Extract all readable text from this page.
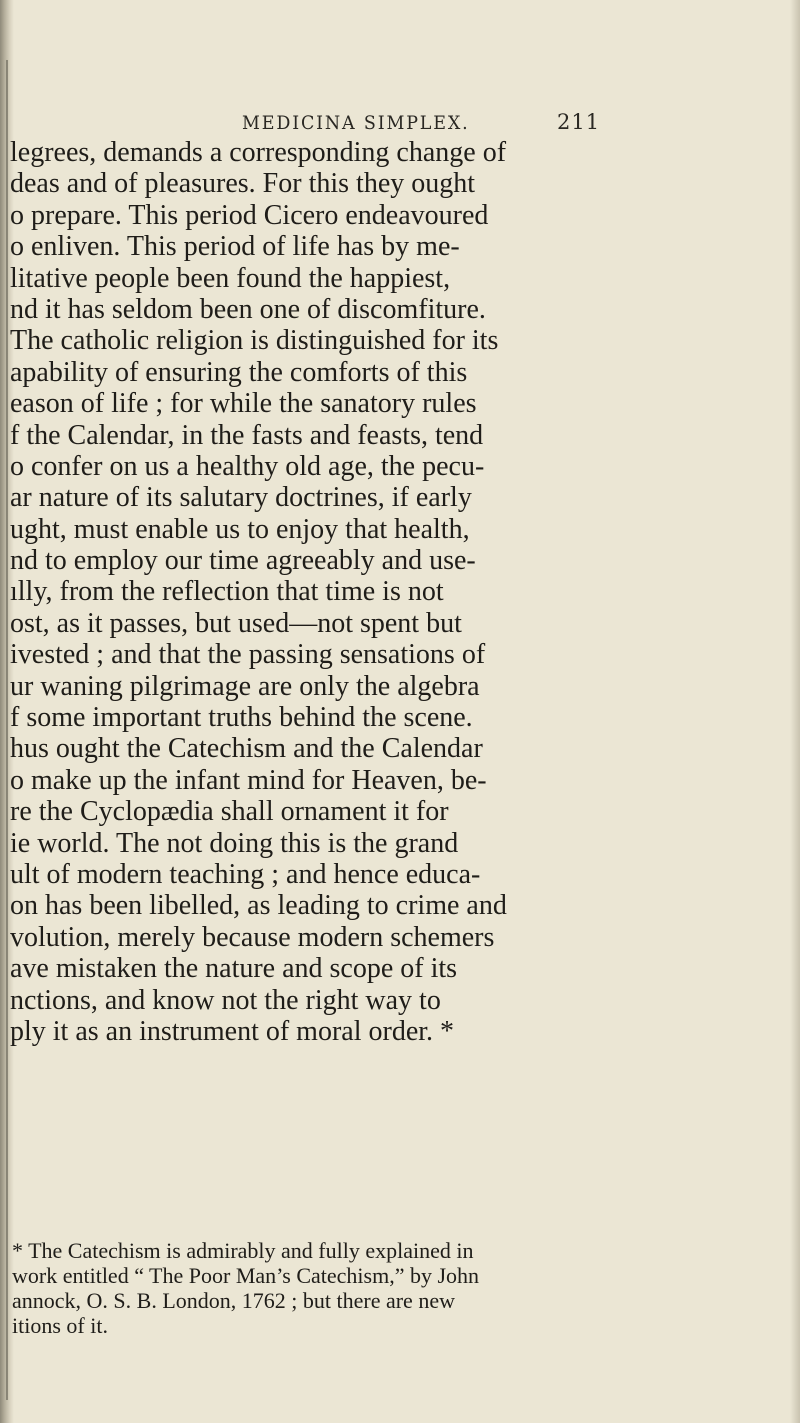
MEDICINA SIMPLEX.	211
legrees, demands a corresponding change of
deas and of pleasures. For this they ought
o prepare. This period Cicero endeavoured
o enliven. This period of life has by me-
litative people been found the happiest,
nd it has seldom been one of discomfiture.
The catholic religion is distinguished for its
apability of ensuring the comforts of this
eason of life ; for while the sanatory rules
f the Calendar, in the fasts and feasts, tend
o confer on us a healthy old age, the pecu-
ar nature of its salutary doctrines, if early
ught, must enable us to enjoy that health,
nd to employ our time agreeably and use-
ılly, from the reflection that time is not
ost, as it passes, but used—not spent but
ivested ; and that the passing sensations of
ur waning pilgrimage are only the algebra
f some important truths behind the scene.
hus ought the Catechism and the Calendar
o make up the infant mind for Heaven, be-
re the Cyclopædia shall ornament it for
ie world. The not doing this is the grand
ult of modern teaching ; and hence educa-
on has been libelled, as leading to crime and
volution, merely because modern schemers
ave mistaken the nature and scope of its
nctions, and know not the right way to
ply it as an instrument of moral order. *
* The Catechism is admirably and fully explained in
work entitled “ The Poor Man’s Catechism,” by John
annock, O. S. B. London, 1762 ; but there are new
itions of it.
